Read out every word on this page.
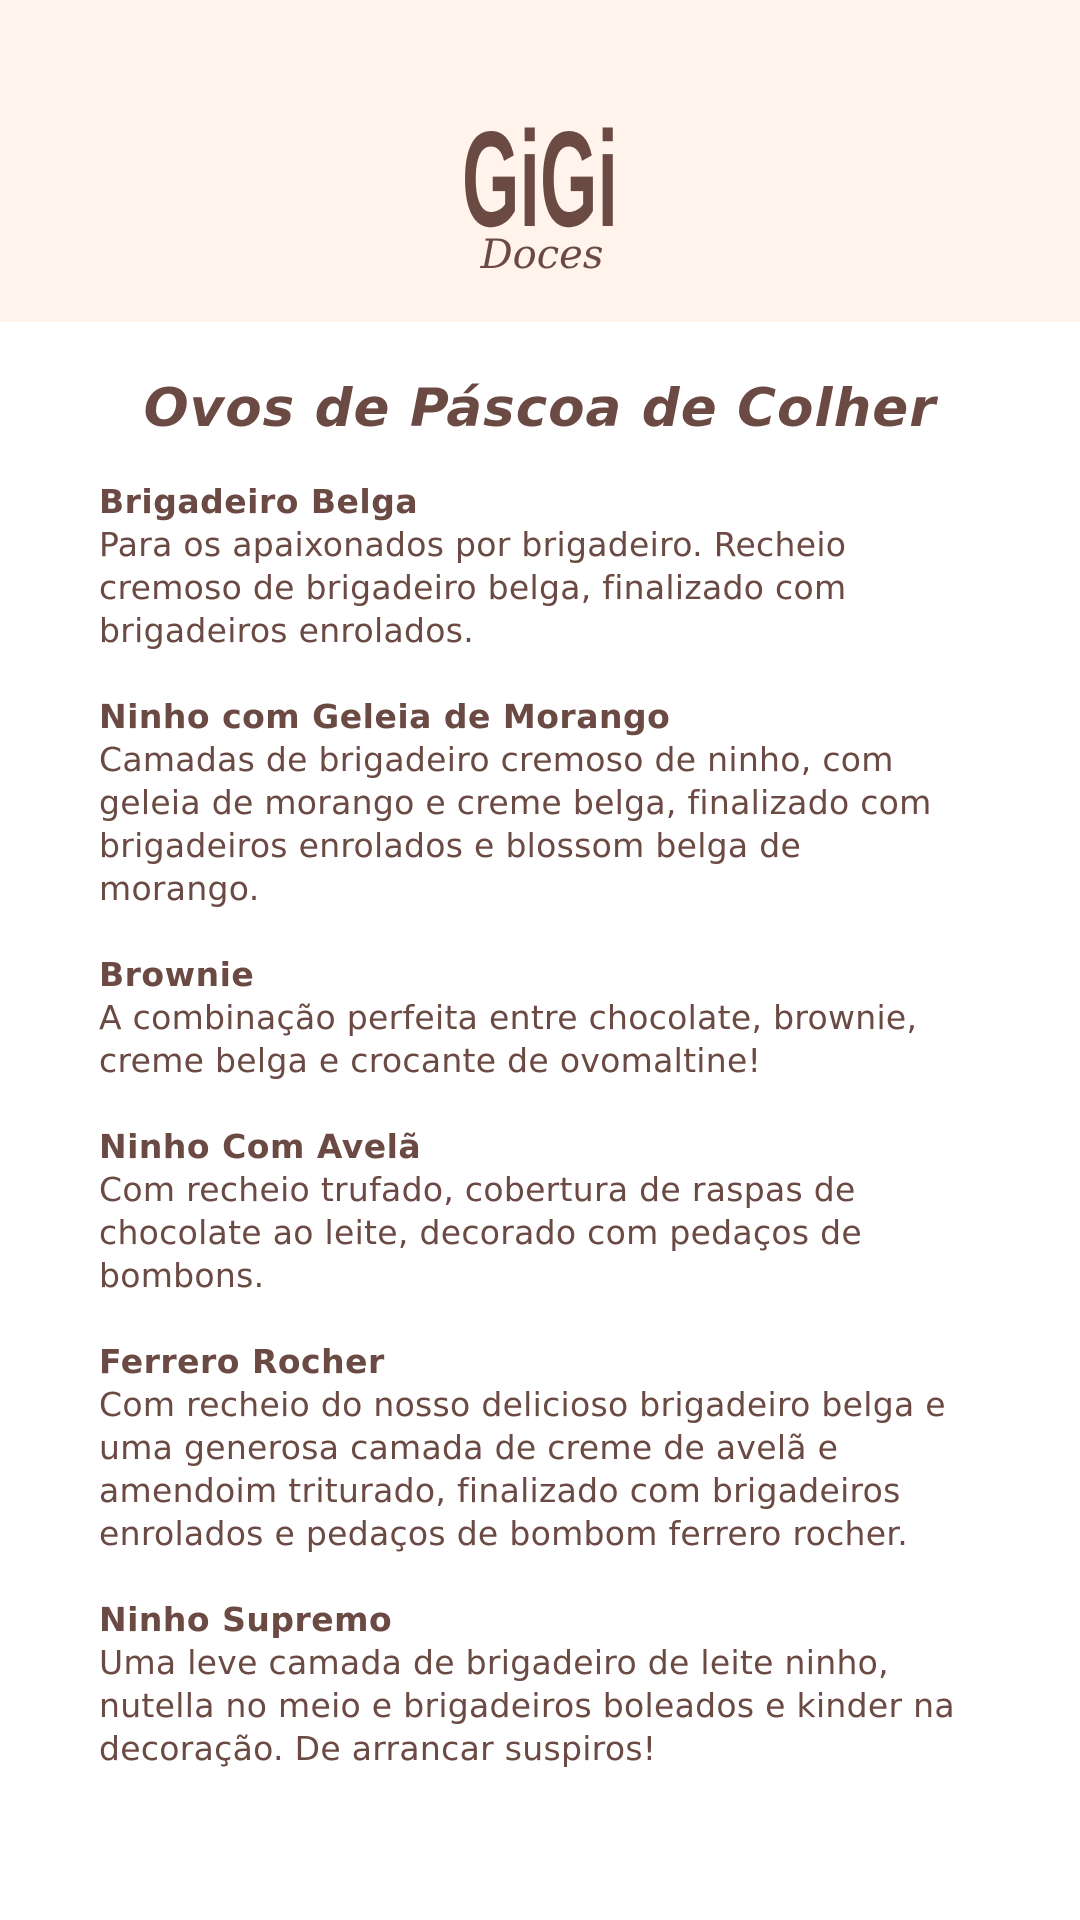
GiGi
Doces
Ovos de Páscoa de Colher
Brigadeiro Belga
Para os apaixonados por brigadeiro. Recheio
cremoso de brigadeiro belga, finalizado com
brigadeiros enrolados.
Ninho com Geleia de Morango
Camadas de brigadeiro cremoso de ninho, com
geleia de morango e creme belga, finalizado com
brigadeiros enrolados e blossom belga de
morango.
Brownie
A combinação perfeita entre chocolate, brownie,
creme belga e crocante de ovomaltine!
Ninho Com Avelã
Com recheio trufado, cobertura de raspas de
chocolate ao leite, decorado com pedaços de
bombons.
Ferrero Rocher
Com recheio do nosso delicioso brigadeiro belga e
uma generosa camada de creme de avelã e
amendoim triturado, finalizado com brigadeiros
enrolados e pedaços de bombom ferrero rocher.
Ninho Supremo
Uma leve camada de brigadeiro de leite ninho,
nutella no meio e brigadeiros boleados e kinder na
decoração. De arrancar suspiros!
